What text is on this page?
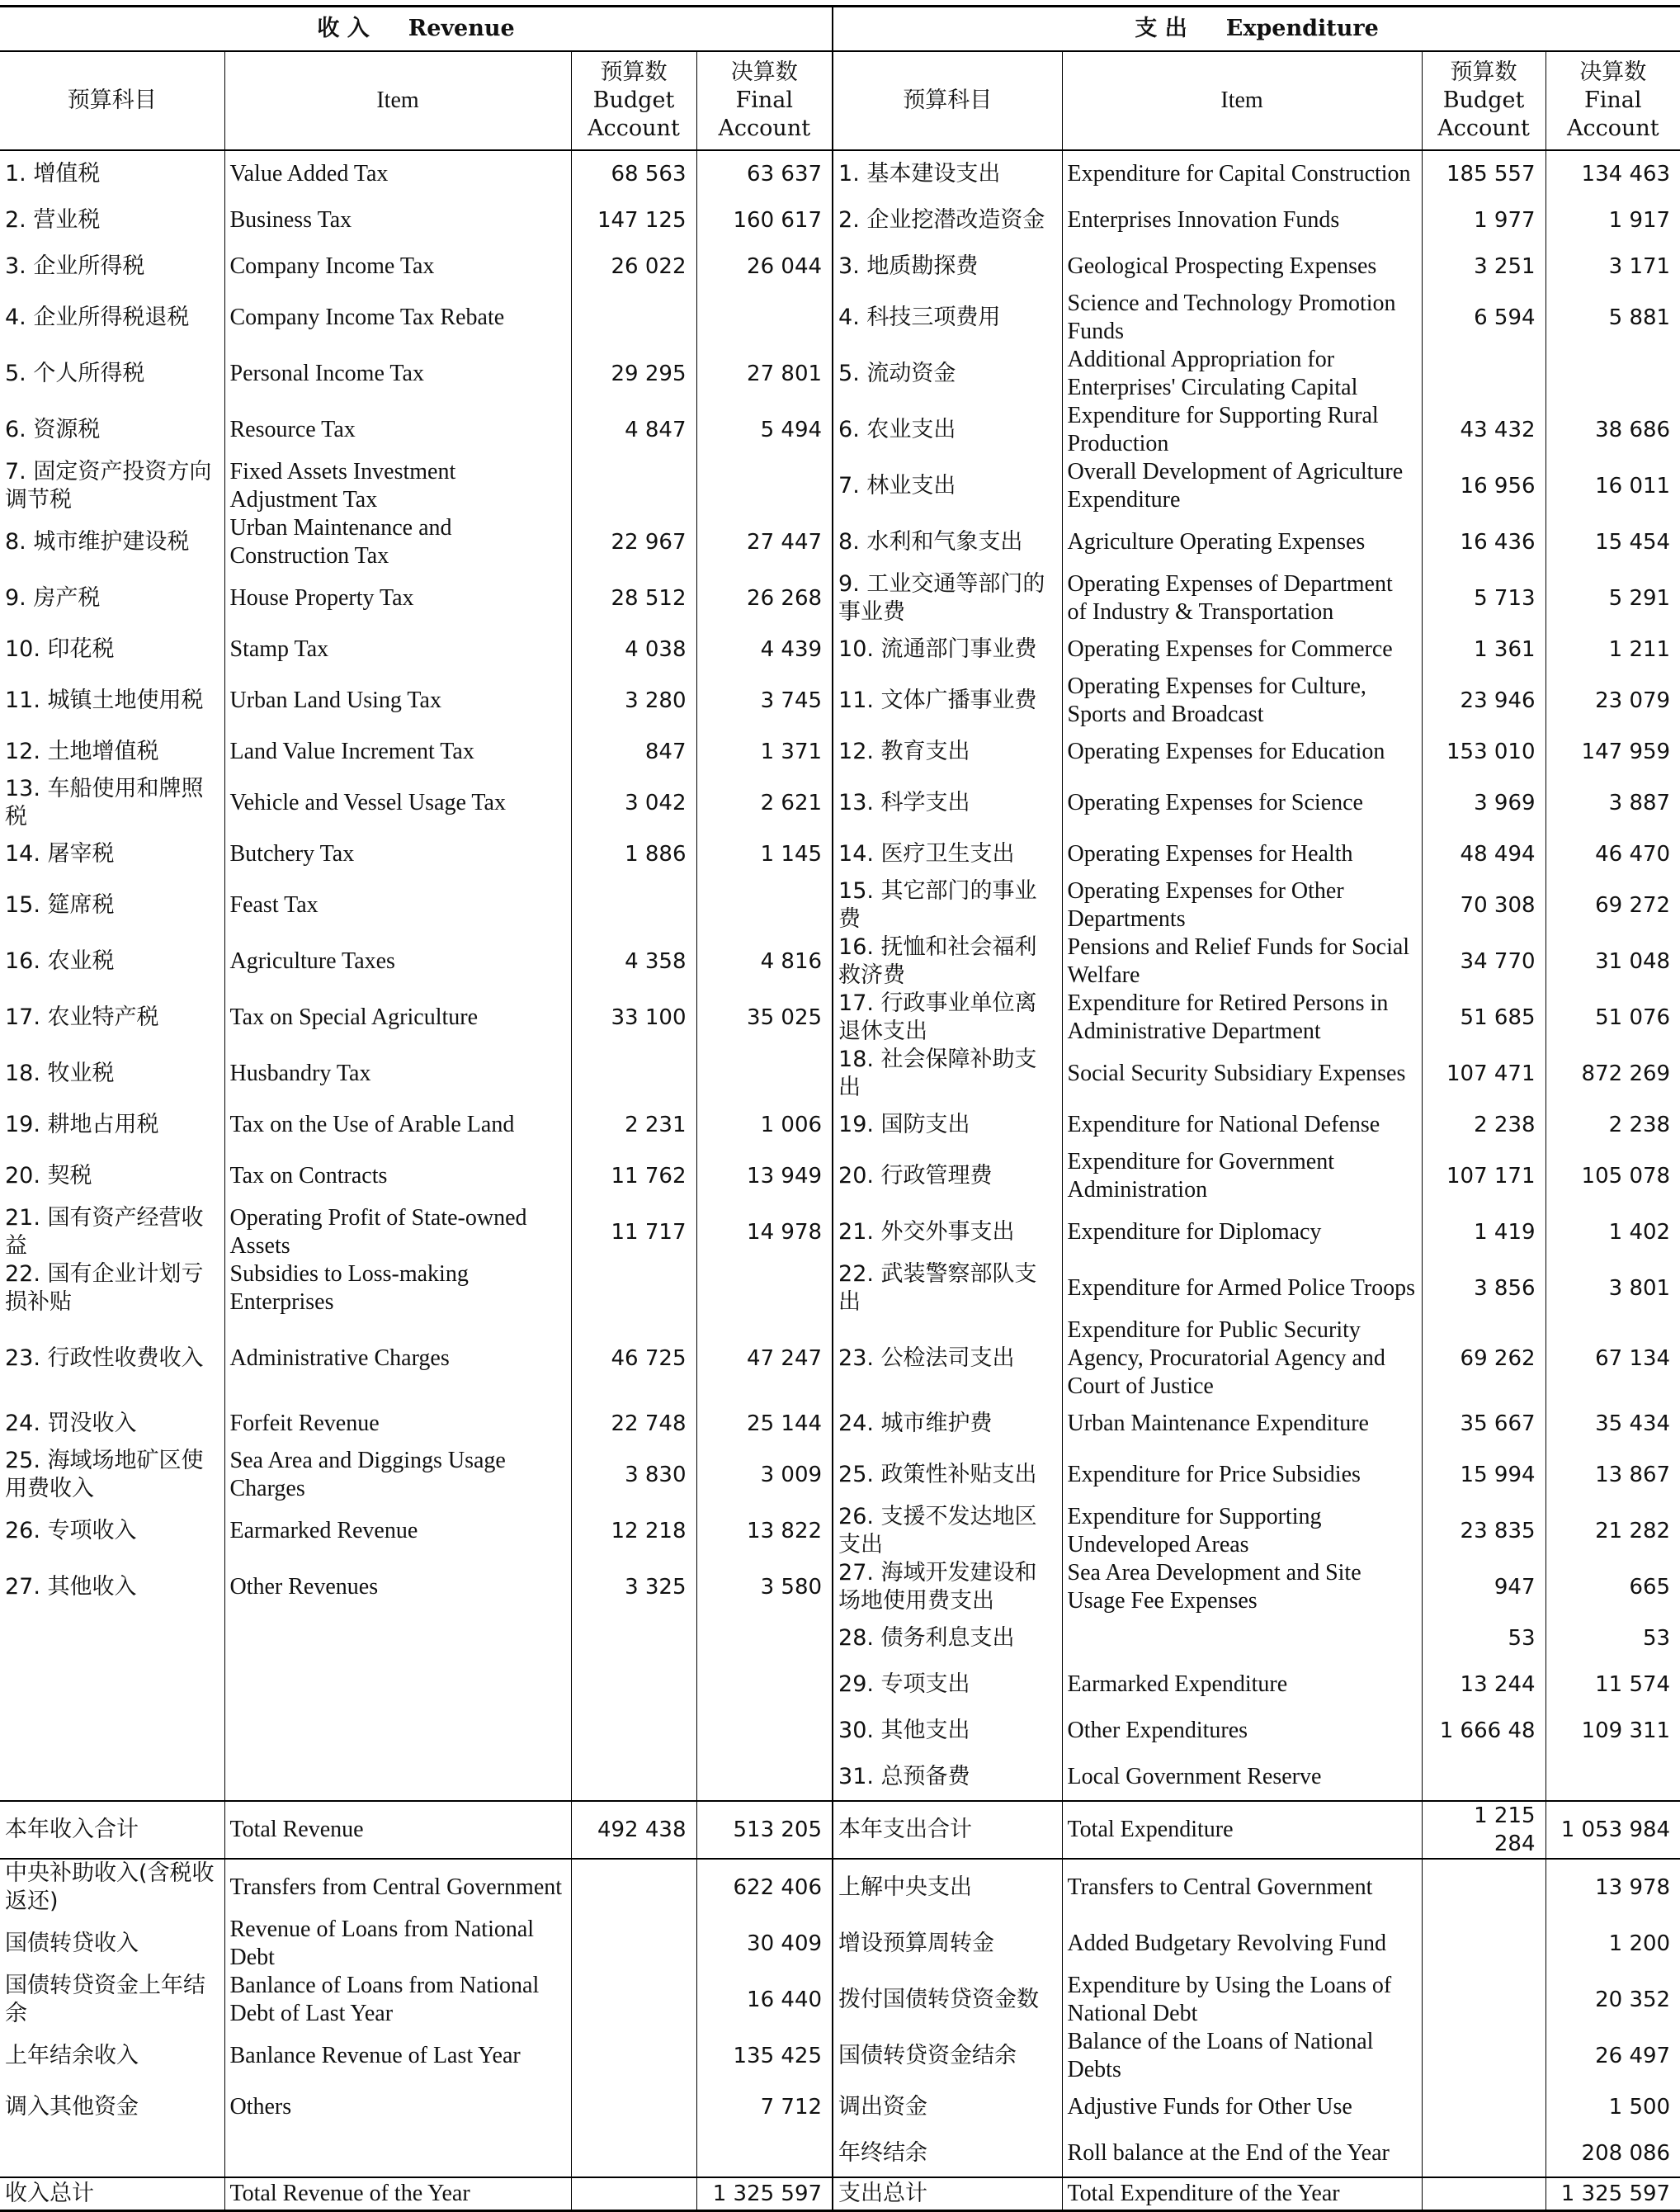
收 入 Revenue				支 出 Expenditure			
预算科目	Item	预算数 Budget Account	决算数 Final Account	预算科目	Item	预算数 Budget Account	决算数 Final Account
1. 增值税	Value Added Tax	68 563	63 637	1. 基本建设支出	Expenditure for Capital Construction	185 557	134 463
2. 营业税	Business Tax	147 125	160 617	2. 企业挖潜改造资金	Enterprises Innovation Funds	1 977	1 917
3. 企业所得税	Company Income Tax	26 022	26 044	3. 地质勘探费	Geological Prospecting Expenses	3 251	3 171
4. 企业所得税退税	Company Income Tax Rebate			4. 科技三项费用	Science and Technology Promotion Funds	6 594	5 881
5. 个人所得税	Personal Income Tax	29 295	27 801	5. 流动资金	Additional Appropriation for Enterprises' Circulating Capital		
6. 资源税	Resource Tax	4 847	5 494	6. 农业支出	Expenditure for Supporting Rural Production	43 432	38 686
7. 固定资产投资方向调节税	Fixed Assets Investment Adjustment Tax			7. 林业支出	Overall Development of Agriculture Expenditure	16 956	16 011
8. 城市维护建设税	Urban Maintenance and Construction Tax	22 967	27 447	8. 水利和气象支出	Agriculture Operating Expenses	16 436	15 454
9. 房产税	House Property Tax	28 512	26 268	9. 工业交通等部门的事业费	Operating Expenses of Department of Industry & Transportation	5 713	5 291
10. 印花税	Stamp Tax	4 038	4 439	10. 流通部门事业费	Operating Expenses for Commerce	1 361	1 211
11. 城镇土地使用税	Urban Land Using Tax	3 280	3 745	11. 文体广播事业费	Operating Expenses for Culture, Sports and Broadcast	23 946	23 079
12. 土地增值税	Land Value Increment Tax	847	1 371	12. 教育支出	Operating Expenses for Education	153 010	147 959
13. 车船使用和牌照税	Vehicle and Vessel Usage Tax	3 042	2 621	13. 科学支出	Operating Expenses for Science	3 969	3 887
14. 屠宰税	Butchery Tax	1 886	1 145	14. 医疗卫生支出	Operating Expenses for Health	48 494	46 470
15. 筵席税	Feast Tax			15. 其它部门的事业费	Operating Expenses for Other Departments	70 308	69 272
16. 农业税	Agriculture Taxes	4 358	4 816	16. 抚恤和社会福利救济费	Pensions and Relief Funds for Social Welfare	34 770	31 048
17. 农业特产税	Tax on Special Agriculture	33 100	35 025	17. 行政事业单位离退休支出	Expenditure for Retired Persons in Administrative Department	51 685	51 076
18. 牧业税	Husbandry Tax			18. 社会保障补助支出	Social Security Subsidiary Expenses	107 471	872 269
19. 耕地占用税	Tax on the Use of Arable Land	2 231	1 006	19. 国防支出	Expenditure for National Defense	2 238	2 238
20. 契税	Tax on Contracts	11 762	13 949	20. 行政管理费	Expenditure for Government Administration	107 171	105 078
21. 国有资产经营收益	Operating Profit of State-owned Assets	11 717	14 978	21. 外交外事支出	Expenditure for Diplomacy	1 419	1 402
22. 国有企业计划亏损补贴	Subsidies to Loss-making Enterprises			22. 武装警察部队支出	Expenditure for Armed Police Troops	3 856	3 801
23. 行政性收费收入	Administrative Charges	46 725	47 247	23. 公检法司支出	Expenditure for Public Security Agency, Procuratorial Agency and Court of Justice	69 262	67 134
24. 罚没收入	Forfeit Revenue	22 748	25 144	24. 城市维护费	Urban Maintenance Expenditure	35 667	35 434
25. 海域场地矿区使用费收入	Sea Area and Diggings Usage Charges	3 830	3 009	25. 政策性补贴支出	Expenditure for Price Subsidies	15 994	13 867
26. 专项收入	Earmarked Revenue	12 218	13 822	26. 支援不发达地区支出	Expenditure for Supporting Undeveloped Areas	23 835	21 282
27. 其他收入	Other Revenues	3 325	3 580	27. 海域开发建设和场地使用费支出	Sea Area Development and Site Usage Fee Expenses	947	665
				28. 债务利息支出		53	53
				29. 专项支出	Earmarked Expenditure	13 244	11 574
				30. 其他支出	Other Expenditures	1 666 48	109 311
				31. 总预备费	Local Government Reserve		
本年收入合计	Total Revenue	492 438	513 205	本年支出合计	Total Expenditure	1 215 284	1 053 984
中央补助收入(含税收返还)	Transfers from Central Government		622 406	上解中央支出	Transfers to Central Government		13 978
国债转贷收入	Revenue of Loans from National Debt		30 409	增设预算周转金	Added Budgetary Revolving Fund		1 200
国债转贷资金上年结余	Banlance of Loans from National Debt of Last Year		16 440	拨付国债转贷资金数	Expenditure by Using the Loans of National Debt		20 352
上年结余收入	Banlance Revenue of Last Year		135 425	国债转贷资金结余	Balance of the Loans of National Debts		26 497
调入其他资金	Others		7 712	调出资金	Adjustive Funds for Other Use		1 500
				年终结余	Roll balance at the End of the Year		208 086
收入总计	Total Revenue of the Year		1 325 597	支出总计	Total Expenditure of the Year		1 325 597
